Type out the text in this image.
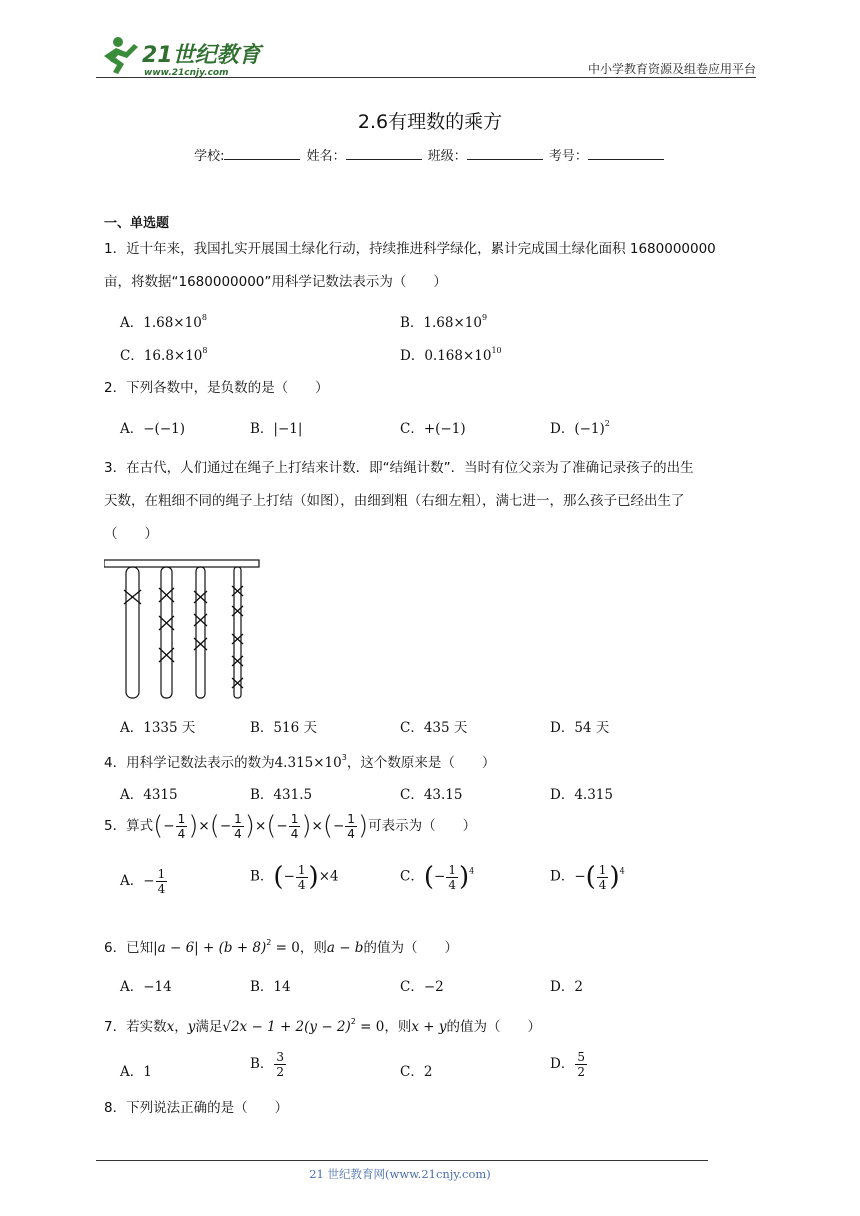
21世纪教育
www.21cnjy.com	中小学教育资源及组卷应用平台
2.6有理数的乘方
学校:	姓名：	班级：	考号：
一、单选题
1．近十年来，我国扎实开展国土绿化行动，持续推进科学绿化，累计完成国土绿化面积 1680000000
亩，将数据“1680000000”用科学记数法表示为（　　）
A．$1.68\times 10^8$	B．$1.68\times 10^9$
C．$16.8\times 10^8$	D．$0.168\times 10^{10}$
2．下列各数中，是负数的是（　　）
A．−(−1)	B．|−1|	C．+(−1)	D．$(-1)^2$
3．在古代，人们通过在绳子上打结来计数．即“结绳计数”．当时有位父亲为了准确记录孩子的出生
天数，在粗细不同的绳子上打结（如图），由细到粗（右细左粗），满七进一，那么孩子已经出生了
（　　）
A．1335 天	B．516 天	C．435 天	D．54 天
4．用科学记数法表示的数为$4.315\times 10^3$，这个数原来是（　　）
A．4315	B．431.5	C．43.15	D．4.315
5．算式(− $\frac{1}{4}$ )×(− $\frac{1}{4}$ )×(− $\frac{1}{4}$ )×(− $\frac{1}{4}$ )可表示为（　　）
A．− $\frac{1}{4}$	B．(− $\frac{1}{4} )\times 4$	C．(− $\frac{1}{4} )^4$	D．−( $\frac{1}{4} )^4$
6．已知$|a - 6| + (b + 8)^2 = 0$，则a − b的值为（　　）
A．−14	B．14	C．−2	D．2
7．若实数x，y满足$√2x - 1 + 2(y - 2)^2 = 0$，则x + y的值为（　　）
A．1	B． $\frac{3}{2}$	C．2	D． $\frac{5}{2}$
8．下列说法正确的是（　　）
21 世纪教育网(www.21cnjy.com)
